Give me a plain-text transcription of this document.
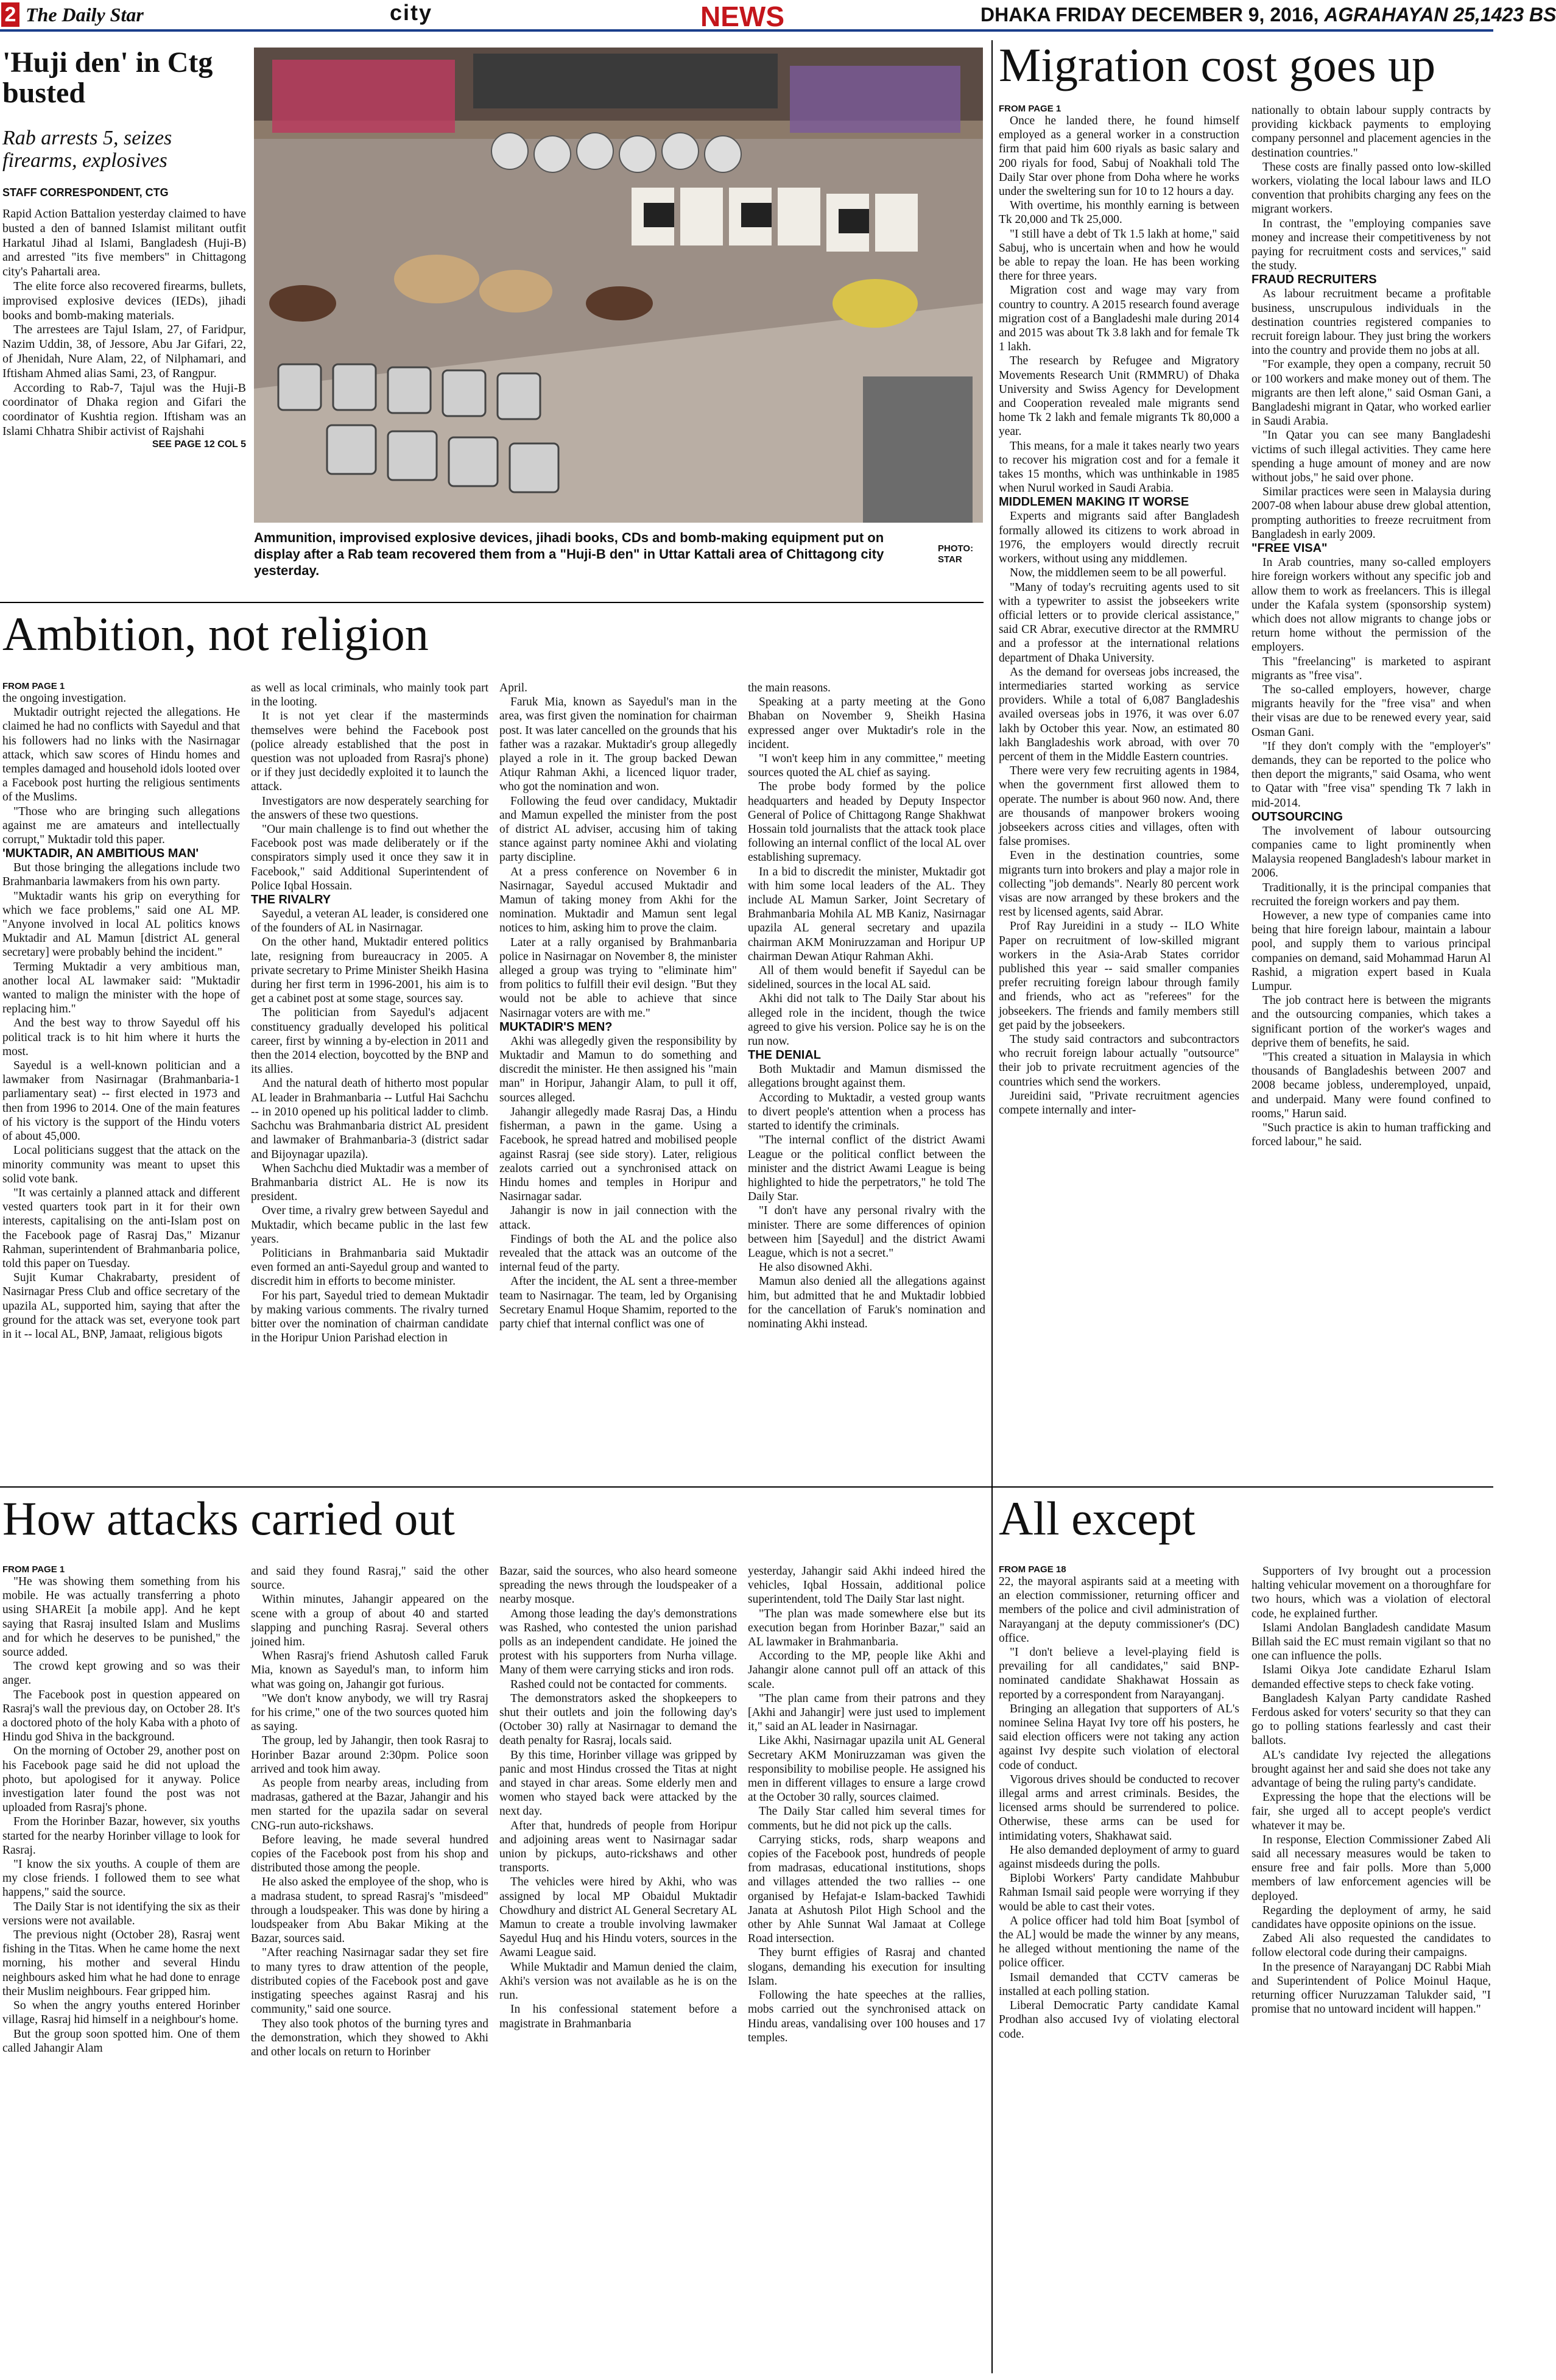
2 The Daily Star	city	NEWS	DHAKA FRIDAY DECEMBER 9, 2016, AGRAHAYAN 25,1423 BS
'Huji den' in Ctg busted
Rab arrests 5, seizes firearms, explosives
STAFF CORRESPONDENT, CTG

Rapid Action Battalion yesterday claimed to have busted a den of banned Islamist militant outfit Harkatul Jihad al Islami, Bangladesh (Huji-B) and arrested "its five members" in Chittagong city's Pahartali area.

The elite force also recovered firearms, bullets, improvised explosive devices (IEDs), jihadi books and bomb-making materials.

The arrestees are Tajul Islam, 27, of Faridpur, Nazim Uddin, 38, of Jessore, Abu Jar Gifari, 22, of Jhenidah, Nure Alam, 22, of Nilphamari, and Iftisham Ahmed alias Sami, 23, of Rangpur.

According to Rab-7, Tajul was the Huji-B coordinator of Dhaka region and Gifari the coordinator of Kushtia region. Iftisham was an Islami Chhatra Shibir activist of Rajshahi

SEE PAGE 12 COL 5

Ammunition, improvised explosive devices, jihadi books, CDs and bomb-making equipment put on display after a Rab team recovered them from a "Huji-B den" in Uttar Kattali area of Chittagong city yesterday.
PHOTO:
STAR
Ambition, not religion

FROM PAGE 1

the ongoing investigation.

Muktadir outright rejected the allegations. He claimed he had no conflicts with Sayedul and that his followers had no links with the Nasirnagar attack, which saw scores of Hindu homes and temples damaged and household idols looted over a Facebook post hurting the religious sentiments of the Muslims.

"Those who are bringing such allegations against me are amateurs and intellectually corrupt," Muktadir told this paper.

'MUKTADIR, AN AMBITIOUS MAN'

But those bringing the allegations include two Brahmanbaria lawmakers from his own party.

"Muktadir wants his grip on everything for which we face problems," said one AL MP. "Anyone involved in local AL politics knows Muktadir and AL Mamun [district AL general secretary] were probably behind the incident."

Terming Muktadir a very ambitious man, another local AL lawmaker said: "Muktadir wanted to malign the minister with the hope of replacing him."

And the best way to throw Sayedul off his political track is to hit him where it hurts the most.

Sayedul is a well-known politician and a lawmaker from Nasirnagar (Brahmanbaria-1 parliamentary seat) -- first elected in 1973 and then from 1996 to 2014. One of the main features of his victory is the support of the Hindu voters of about 45,000.

Local politicians suggest that the attack on the minority community was meant to upset this solid vote bank.

"It was certainly a planned attack and different vested quarters took part in it for their own interests, capitalising on the anti-Islam post on the Facebook page of Rasraj Das," Mizanur Rahman, superintendent of Brahmanbaria police, told this paper on Tuesday.

Sujit Kumar Chakrabarty, president of Nasirnagar Press Club and office secretary of the upazila AL, supported him, saying that after the ground for the attack was set, everyone took part in it -- local AL, BNP, Jamaat, religious bigots

as well as local criminals, who mainly took part in the looting.

It is not yet clear if the masterminds themselves were behind the Facebook post (police already established that the post in question was not uploaded from Rasraj's phone) or if they just decidedly exploited it to launch the attack.

Investigators are now desperately searching for the answers of these two questions.

"Our main challenge is to find out whether the Facebook post was made deliberately or if the conspirators simply used it once they saw it in Facebook," said Additional Superintendent of Police Iqbal Hossain.

THE RIVALRY

Sayedul, a veteran AL leader, is considered one of the founders of AL in Nasirnagar.

On the other hand, Muktadir entered politics late, resigning from bureaucracy in 2005. A private secretary to Prime Minister Sheikh Hasina during her first term in 1996-2001, his aim is to get a cabinet post at some stage, sources say.

The politician from Sayedul's adjacent constituency gradually developed his political career, first by winning a by-election in 2011 and then the 2014 election, boycotted by the BNP and its allies.

And the natural death of hitherto most popular AL leader in Brahmanbaria -- Lutful Hai Sachchu -- in 2010 opened up his political ladder to climb. Sachchu was Brahmanbaria district AL president and lawmaker of Brahmanbaria-3 (district sadar and Bijoynagar upazila).

When Sachchu died Muktadir was a member of Brahmanbaria district AL. He is now its president.

Over time, a rivalry grew between Sayedul and Muktadir, which became public in the last few years.

Politicians in Brahmanbaria said Muktadir even formed an anti-Sayedul group and wanted to discredit him in efforts to become minister.

For his part, Sayedul tried to demean Muktadir by making various comments. The rivalry turned bitter over the nomination of chairman candidate in the Horipur Union Parishad election in

April.

Faruk Mia, known as Sayedul's man in the area, was first given the nomination for chairman post. It was later cancelled on the grounds that his father was a razakar. Muktadir's group allegedly played a role in it. The group backed Dewan Atiqur Rahman Akhi, a licenced liquor trader, who got the nomination and won.

Following the feud over candidacy, Muktadir and Mamun expelled the minister from the post of district AL adviser, accusing him of taking stance against party nominee Akhi and violating party discipline.

At a press conference on November 6 in Nasirnagar, Sayedul accused Muktadir and Mamun of taking money from Akhi for the nomination. Muktadir and Mamun sent legal notices to him, asking him to prove the claim.

Later at a rally organised by Brahmanbaria police in Nasirnagar on November 8, the minister alleged a group was trying to "eliminate him" from politics to fulfill their evil design. "But they would not be able to achieve that since Nasirnagar voters are with me."

MUKTADIR'S MEN?

Akhi was allegedly given the responsibility by Muktadir and Mamun to do something and discredit the minister. He then assigned his "main man" in Horipur, Jahangir Alam, to pull it off, sources alleged.

Jahangir allegedly made Rasraj Das, a Hindu fisherman, a pawn in the game. Using a Facebook, he spread hatred and mobilised people against Rasraj (see side story). Later, religious zealots carried out a synchronised attack on Hindu homes and temples in Horipur and Nasirnagar sadar.

Jahangir is now in jail connection with the attack.

Findings of both the AL and the police also revealed that the attack was an outcome of the internal feud of the party.

After the incident, the AL sent a three-member team to Nasirnagar. The team, led by Organising Secretary Enamul Hoque Shamim, reported to the party chief that internal conflict was one of

the main reasons.

Speaking at a party meeting at the Gono Bhaban on November 9, Sheikh Hasina expressed anger over Muktadir's role in the incident.

"I won't keep him in any committee," meeting sources quoted the AL chief as saying.

The probe body formed by the police headquarters and headed by Deputy Inspector General of Police of Chittagong Range Shakhwat Hossain told journalists that the attack took place following an internal conflict of the local AL over establishing supremacy.

In a bid to discredit the minister, Muktadir got with him some local leaders of the AL. They include AL Mamun Sarker, Joint Secretary of Brahmanbaria Mohila AL MB Kaniz, Nasirnagar upazila AL general secretary and upazila chairman AKM Moniruzzaman and Horipur UP chairman Dewan Atiqur Rahman Akhi.

All of them would benefit if Sayedul can be sidelined, sources in the local AL said.

Akhi did not talk to The Daily Star about his alleged role in the incident, though the twice agreed to give his version. Police say he is on the run now.

THE DENIAL

Both Muktadir and Mamun dismissed the allegations brought against them.

According to Muktadir, a vested group wants to divert people's attention when a process has started to identify the criminals.

"The internal conflict of the district Awami League or the political conflict between the minister and the district Awami League is being highlighted to hide the perpetrators," he told The Daily Star.

"I don't have any personal rivalry with the minister. There are some differences of opinion between him [Sayedul] and the district Awami League, which is not a secret."

He also disowned Akhi.

Mamun also denied all the allegations against him, but admitted that he and Muktadir lobbied for the cancellation of Faruk's nomination and nominating Akhi instead.

Migration cost goes up

FROM PAGE 1

Once he landed there, he found himself employed as a general worker in a construction firm that paid him 600 riyals as basic salary and 200 riyals for food, Sabuj of Noakhali told The Daily Star over phone from Doha where he works under the sweltering sun for 10 to 12 hours a day.

With overtime, his monthly earning is between Tk 20,000 and Tk 25,000.

"I still have a debt of Tk 1.5 lakh at home," said Sabuj, who is uncertain when and how he would be able to repay the loan. He has been working there for three years.

Migration cost and wage may vary from country to country. A 2015 research found average migration cost of a Bangladeshi male during 2014 and 2015 was about Tk 3.8 lakh and for female Tk 1 lakh.

The research by Refugee and Migratory Movements Research Unit (RMMRU) of Dhaka University and Swiss Agency for Development and Cooperation revealed male migrants send home Tk 2 lakh and female migrants Tk 80,000 a year.

This means, for a male it takes nearly two years to recover his migration cost and for a female it takes 15 months, which was unthinkable in 1985 when Nurul worked in Saudi Arabia.

MIDDLEMEN MAKING IT WORSE

Experts and migrants said after Bangladesh formally allowed its citizens to work abroad in 1976, the employers would directly recruit workers, without using any middlemen.

Now, the middlemen seem to be all powerful.

"Many of today's recruiting agents used to sit with a typewriter to assist the jobseekers write official letters or to provide clerical assistance," said CR Abrar, executive director at the RMMRU and a professor at the international relations department of Dhaka University.

As the demand for overseas jobs increased, the intermediaries started working as service providers. While a total of 6,087 Bangladeshis availed overseas jobs in 1976, it was over 6.07 lakh by October this year. Now, an estimated 80 lakh Bangladeshis work abroad, with over 70 percent of them in the Middle Eastern countries.

There were very few recruiting agents in 1984, when the government first allowed them to operate. The number is about 960 now. And, there are thousands of manpower brokers wooing jobseekers across cities and villages, often with false promises.

Even in the destination countries, some migrants turn into brokers and play a major role in collecting "job demands". Nearly 80 percent work visas are now arranged by these brokers and the rest by licensed agents, said Abrar.

Prof Ray Jureidini in a study -- ILO White Paper on recruitment of low-skilled migrant workers in the Asia-Arab States corridor published this year -- said smaller companies prefer recruiting foreign labour through family and friends, who act as "referees" for the jobseekers. The friends and family members still get paid by the jobseekers.

The study said contractors and subcontractors who recruit foreign labour actually "outsource" their job to private recruitment agencies of the countries which send the workers.

Jureidini said, "Private recruitment agencies compete internally and inter-

nationally to obtain labour supply contracts by providing kickback payments to employing company personnel and placement agencies in the destination countries."

These costs are finally passed onto low-skilled workers, violating the local labour laws and ILO convention that prohibits charging any fees on the migrant workers.

In contrast, the "employing companies save money and increase their competitiveness by not paying for recruitment costs and services," said the study.

FRAUD RECRUITERS

As labour recruitment became a profitable business, unscrupulous individuals in the destination countries registered companies to recruit foreign labour. They just bring the workers into the country and provide them no jobs at all.

"For example, they open a company, recruit 50 or 100 workers and make money out of them. The migrants are then left alone," said Osman Gani, a Bangladeshi migrant in Qatar, who worked earlier in Saudi Arabia.

"In Qatar you can see many Bangladeshi victims of such illegal activities. They came here spending a huge amount of money and are now without jobs," he said over phone.

Similar practices were seen in Malaysia during 2007-08 when labour abuse drew global attention, prompting authorities to freeze recruitment from Bangladesh in early 2009.

"FREE VISA"

In Arab countries, many so-called employers hire foreign workers without any specific job and allow them to work as freelancers. This is illegal under the Kafala system (sponsorship system) which does not allow migrants to change jobs or return home without the permission of the employers.

This "freelancing" is marketed to aspirant migrants as "free visa".

The so-called employers, however, charge migrants heavily for the "free visa" and when their visas are due to be renewed every year, said Osman Gani.

"If they don't comply with the "employer's" demands, they can be reported to the police who then deport the migrants," said Osama, who went to Qatar with "free visa" spending Tk 7 lakh in mid-2014.

OUTSOURCING

The involvement of labour outsourcing companies came to light prominently when Malaysia reopened Bangladesh's labour market in 2006.

Traditionally, it is the principal companies that recruited the foreign workers and pay them.

However, a new type of companies came into being that hire foreign labour, maintain a labour pool, and supply them to various principal companies on demand, said Mohammad Harun Al Rashid, a migration expert based in Kuala Lumpur.

The job contract here is between the migrants and the outsourcing companies, which takes a significant portion of the worker's wages and deprive them of benefits, he said.

"This created a situation in Malaysia in which thousands of Bangladeshis between 2007 and 2008 became jobless, underemployed, unpaid, and underpaid. Many were found confined to rooms," Harun said.

"Such practice is akin to human trafficking and forced labour," he said.

How attacks carried out

FROM PAGE 1

"He was showing them something from his mobile. He was actually transferring a photo using SHAREit [a mobile app]. And he kept saying that Rasraj insulted Islam and Muslims and for which he deserves to be punished," the source added.

The crowd kept growing and so was their anger.

The Facebook post in question appeared on Rasraj's wall the previous day, on October 28. It's a doctored photo of the holy Kaba with a photo of Hindu god Shiva in the background.

On the morning of October 29, another post on his Facebook page said he did not upload the photo, but apologised for it anyway. Police investigation later found the post was not uploaded from Rasraj's phone.

From the Horinber Bazar, however, six youths started for the nearby Horinber village to look for Rasraj.

"I know the six youths. A couple of them are my close friends. I followed them to see what happens," said the source.

The Daily Star is not identifying the six as their versions were not available.

The previous night (October 28), Rasraj went fishing in the Titas. When he came home the next morning, his mother and several Hindu neighbours asked him what he had done to enrage their Muslim neighbours. Fear gripped him.

So when the angry youths entered Horinber village, Rasraj hid himself in a neighbour's home.

But the group soon spotted him. One of them called Jahangir Alam

and said they found Rasraj," said the other source.

Within minutes, Jahangir appeared on the scene with a group of about 40 and started slapping and punching Rasraj. Several others joined him.

When Rasraj's friend Ashutosh called Faruk Mia, known as Sayedul's man, to inform him what was going on, Jahangir got furious.

"We don't know anybody, we will try Rasraj for his crime," one of the two sources quoted him as saying.

The group, led by Jahangir, then took Rasraj to Horinber Bazar around 2:30pm. Police soon arrived and took him away.

As people from nearby areas, including from madrasas, gathered at the Bazar, Jahangir and his men started for the upazila sadar on several CNG-run auto-rickshaws.

Before leaving, he made several hundred copies of the Facebook post from his shop and distributed those among the people.

He also asked the employee of the shop, who is a madrasa student, to spread Rasraj's "misdeed" through a loudspeaker. This was done by hiring a loudspeaker from Abu Bakar Miking at the Bazar, sources said.

"After reaching Nasirnagar sadar they set fire to many tyres to draw attention of the people, distributed copies of the Facebook post and gave instigating speeches against Rasraj and his community," said one source.

They also took photos of the burning tyres and the demonstration, which they showed to Akhi and other locals on return to Horinber

Bazar, said the sources, who also heard someone spreading the news through the loudspeaker of a nearby mosque.

Among those leading the day's demonstrations was Rashed, who contested the union parishad polls as an independent candidate. He joined the protest with his supporters from Nurha village. Many of them were carrying sticks and iron rods.

Rashed could not be contacted for comments.

The demonstrators asked the shopkeepers to shut their outlets and join the following day's (October 30) rally at Nasirnagar to demand the death penalty for Rasraj, locals said.

By this time, Horinber village was gripped by panic and most Hindus crossed the Titas at night and stayed in char areas. Some elderly men and women who stayed back were attacked by the next day.

After that, hundreds of people from Horipur and adjoining areas went to Nasirnagar sadar union by pickups, auto-rickshaws and other transports.

The vehicles were hired by Akhi, who was assigned by local MP Obaidul Muktadir Chowdhury and district AL General Secretary AL Mamun to create a trouble involving lawmaker Sayedul Huq and his Hindu voters, sources in the Awami League said.

While Muktadir and Mamun denied the claim, Akhi's version was not available as he is on the run.

In his confessional statement before a magistrate in Brahmanbaria

yesterday, Jahangir said Akhi indeed hired the vehicles, Iqbal Hossain, additional police superintendent, told The Daily Star last night.

"The plan was made somewhere else but its execution began from Horinber Bazar," said an AL lawmaker in Brahmanbaria.

According to the MP, people like Akhi and Jahangir alone cannot pull off an attack of this scale.

"The plan came from their patrons and they [Akhi and Jahangir] were just used to implement it," said an AL leader in Nasirnagar.

Like Akhi, Nasirnagar upazila unit AL General Secretary AKM Moniruzzaman was given the responsibility to mobilise people. He assigned his men in different villages to ensure a large crowd at the October 30 rally, sources claimed.

The Daily Star called him several times for comments, but he did not pick up the calls.

Carrying sticks, rods, sharp weapons and copies of the Facebook post, hundreds of people from madrasas, educational institutions, shops and villages attended the two rallies -- one organised by Hefajat-e Islam-backed Tawhidi Janata at Ashutosh Pilot High School and the other by Ahle Sunnat Wal Jamaat at College Road intersection.

They burnt effigies of Rasraj and chanted slogans, demanding his execution for insulting Islam.

Following the hate speeches at the rallies, mobs carried out the synchronised attack on Hindu areas, vandalising over 100 houses and 17 temples.

All except

FROM PAGE 18

22, the mayoral aspirants said at a meeting with an election commissioner, returning officer and members of the police and civil administration of Narayanganj at the deputy commissioner's (DC) office.

"I don't believe a level-playing field is prevailing for all candidates," said BNP-nominated candidate Shakhawat Hossain as reported by a correspondent from Narayanganj.

Bringing an allegation that supporters of AL's nominee Selina Hayat Ivy tore off his posters, he said election officers were not taking any action against Ivy despite such violation of electoral code of conduct.

Vigorous drives should be conducted to recover illegal arms and arrest criminals. Besides, the licensed arms should be surrendered to police. Otherwise, these arms can be used for intimidating voters, Shakhawat said.

He also demanded deployment of army to guard against misdeeds during the polls.

Biplobi Workers' Party candidate Mahbubur Rahman Ismail said people were worrying if they would be able to cast their votes.

A police officer had told him Boat [symbol of the AL] would be made the winner by any means, he alleged without mentioning the name of the police officer.

Ismail demanded that CCTV cameras be installed at each polling station.

Liberal Democratic Party candidate Kamal Prodhan also accused Ivy of violating electoral code.

Supporters of Ivy brought out a procession halting vehicular movement on a thoroughfare for two hours, which was a violation of electoral code, he explained further.

Islami Andolan Bangladesh candidate Masum Billah said the EC must remain vigilant so that no one can influence the polls.

Islami Oikya Jote candidate Ezharul Islam demanded effective steps to check fake voting.

Bangladesh Kalyan Party candidate Rashed Ferdous asked for voters' security so that they can go to polling stations fearlessly and cast their ballots.

AL's candidate Ivy rejected the allegations brought against her and said she does not take any advantage of being the ruling party's candidate.

Expressing the hope that the elections will be fair, she urged all to accept people's verdict whatever it may be.

In response, Election Commissioner Zabed Ali said all necessary measures would be taken to ensure free and fair polls. More than 5,000 members of law enforcement agencies will be deployed.

Regarding the deployment of army, he said candidates have opposite opinions on the issue.

Zabed Ali also requested the candidates to follow electoral code during their campaigns.

In the presence of Narayanganj DC Rabbi Miah and Superintendent of Police Moinul Haque, returning officer Nuruzzaman Talukder said, "I promise that no untoward incident will happen."
